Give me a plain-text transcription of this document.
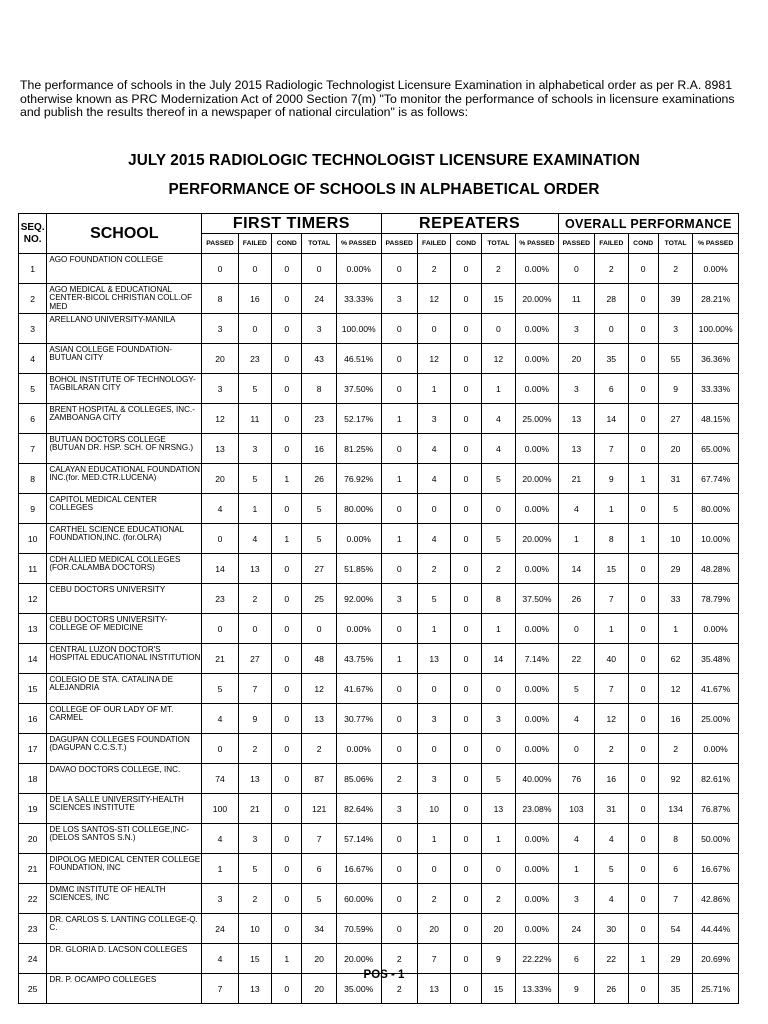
The performance of schools in the July 2015 Radiologic Technologist Licensure Examination in alphabetical order as per R.A. 8981 otherwise known as PRC Modernization Act of 2000 Section 7(m) "To monitor the performance of schools in licensure examinations and publish the results thereof in a newspaper of national circulation" is as follows:

JULY 2015 RADIOLOGIC TECHNOLOGIST LICENSURE EXAMINATION
PERFORMANCE OF SCHOOLS IN ALPHABETICAL ORDER
SEQ. NO.	SCHOOL	FIRST TIMERS					REPEATERS					OVERALL PERFORMANCE				
		PASSED	FAILED	COND	TOTAL	% PASSED	PASSED	FAILED	COND	TOTAL	% PASSED	PASSED	FAILED	COND	TOTAL	% PASSED
1	AGO FOUNDATION COLLEGE	0	0	0	0	0.00%	0	2	0	2	0.00%	0	2	0	2	0.00%
2	AGO MEDICAL & EDUCATIONAL CENTER-BICOL CHRISTIAN COLL.OF MED	8	16	0	24	33.33%	3	12	0	15	20.00%	11	28	0	39	28.21%
3	ARELLANO UNIVERSITY-MANILA	3	0	0	3	100.00%	0	0	0	0	0.00%	3	0	0	3	100.00%
4	ASIAN COLLEGE FOUNDATION-BUTUAN CITY	20	23	0	43	46.51%	0	12	0	12	0.00%	20	35	0	55	36.36%
5	BOHOL INSTITUTE OF TECHNOLOGY-TAGBILARAN CITY	3	5	0	8	37.50%	0	1	0	1	0.00%	3	6	0	9	33.33%
6	BRENT HOSPITAL & COLLEGES, INC.-ZAMBOANGA CITY	12	11	0	23	52.17%	1	3	0	4	25.00%	13	14	0	27	48.15%
7	BUTUAN DOCTORS COLLEGE (BUTUAN DR. HSP. SCH. OF NRSNG.)	13	3	0	16	81.25%	0	4	0	4	0.00%	13	7	0	20	65.00%
8	CALAYAN EDUCATIONAL FOUNDATION INC.(for. MED.CTR.LUCENA)	20	5	1	26	76.92%	1	4	0	5	20.00%	21	9	1	31	67.74%
9	CAPITOL MEDICAL CENTER COLLEGES	4	1	0	5	80.00%	0	0	0	0	0.00%	4	1	0	5	80.00%
10	CARTHEL SCIENCE EDUCATIONAL FOUNDATION,INC. (for.OLRA)	0	4	1	5	0.00%	1	4	0	5	20.00%	1	8	1	10	10.00%
11	CDH ALLIED MEDICAL COLLEGES (FOR.CALAMBA DOCTORS)	14	13	0	27	51.85%	0	2	0	2	0.00%	14	15	0	29	48.28%
12	CEBU DOCTORS UNIVERSITY	23	2	0	25	92.00%	3	5	0	8	37.50%	26	7	0	33	78.79%
13	CEBU DOCTORS UNIVERSITY-COLLEGE OF MEDICINE	0	0	0	0	0.00%	0	1	0	1	0.00%	0	1	0	1	0.00%
14	CENTRAL LUZON DOCTOR'S HOSPITAL EDUCATIONAL INSTITUTION	21	27	0	48	43.75%	1	13	0	14	7.14%	22	40	0	62	35.48%
15	COLEGIO DE STA. CATALINA DE ALEJANDRIA	5	7	0	12	41.67%	0	0	0	0	0.00%	5	7	0	12	41.67%
16	COLLEGE OF OUR LADY OF MT. CARMEL	4	9	0	13	30.77%	0	3	0	3	0.00%	4	12	0	16	25.00%
17	DAGUPAN COLLEGES FOUNDATION (DAGUPAN C.C.S.T.)	0	2	0	2	0.00%	0	0	0	0	0.00%	0	2	0	2	0.00%
18	DAVAO DOCTORS COLLEGE, INC.	74	13	0	87	85.06%	2	3	0	5	40.00%	76	16	0	92	82.61%
19	DE LA SALLE UNIVERSITY-HEALTH SCIENCES INSTITUTE	100	21	0	121	82.64%	3	10	0	13	23.08%	103	31	0	134	76.87%
20	DE LOS SANTOS-STI COLLEGE,INC-(DELOS SANTOS S.N.)	4	3	0	7	57.14%	0	1	0	1	0.00%	4	4	0	8	50.00%
21	DIPOLOG MEDICAL CENTER COLLEGE FOUNDATION, INC	1	5	0	6	16.67%	0	0	0	0	0.00%	1	5	0	6	16.67%
22	DMMC INSTITUTE OF HEALTH SCIENCES, INC	3	2	0	5	60.00%	0	2	0	2	0.00%	3	4	0	7	42.86%
23	DR. CARLOS S. LANTING COLLEGE-Q. C.	24	10	0	34	70.59%	0	20	0	20	0.00%	24	30	0	54	44.44%
24	DR. GLORIA D. LACSON COLLEGES	4	15	1	20	20.00%	2	7	0	9	22.22%	6	22	1	29	20.69%
25	DR. P. OCAMPO COLLEGES	7	13	0	20	35.00%	2	13	0	15	13.33%	9	26	0	35	25.71%

POS - 1
